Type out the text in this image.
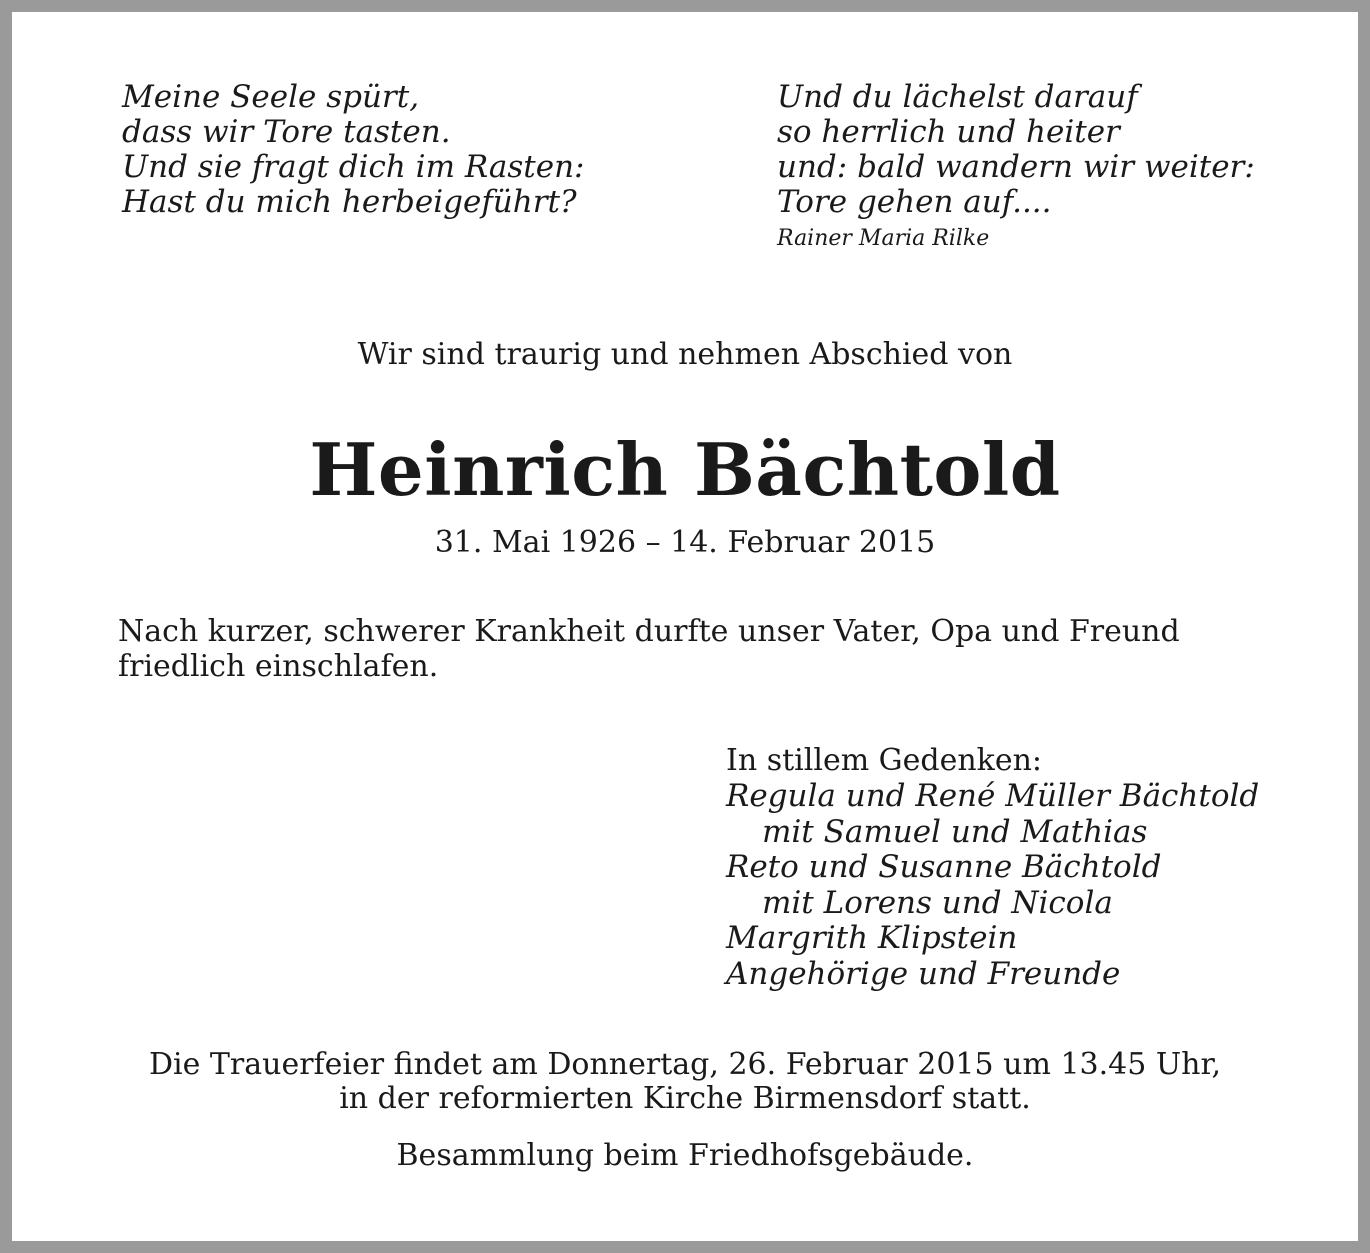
Meine Seele spürt,
dass wir Tore tasten.
Und sie fragt dich im Rasten:
Hast du mich herbeigeführt?
Und du lächelst darauf
so herrlich und heiter
und: bald wandern wir weiter:
Tore gehen auf....
Rainer Maria Rilke
Wir sind traurig und nehmen Abschied von
Heinrich Bächtold
31. Mai 1926 – 14. Februar 2015
Nach kurzer, schwerer Krankheit durfte unser Vater, Opa und Freund friedlich einschlafen.
In stillem Gedenken:
Regula und René Müller Bächtold
mit Samuel und Mathias
Reto und Susanne Bächtold
mit Lorens und Nicola
Margrith Klipstein
Angehörige und Freunde
Die Trauerfeier findet am Donnertag, 26. Februar 2015 um 13.45 Uhr,
in der reformierten Kirche Birmensdorf statt.
Besammlung beim Friedhofsgebäude.
